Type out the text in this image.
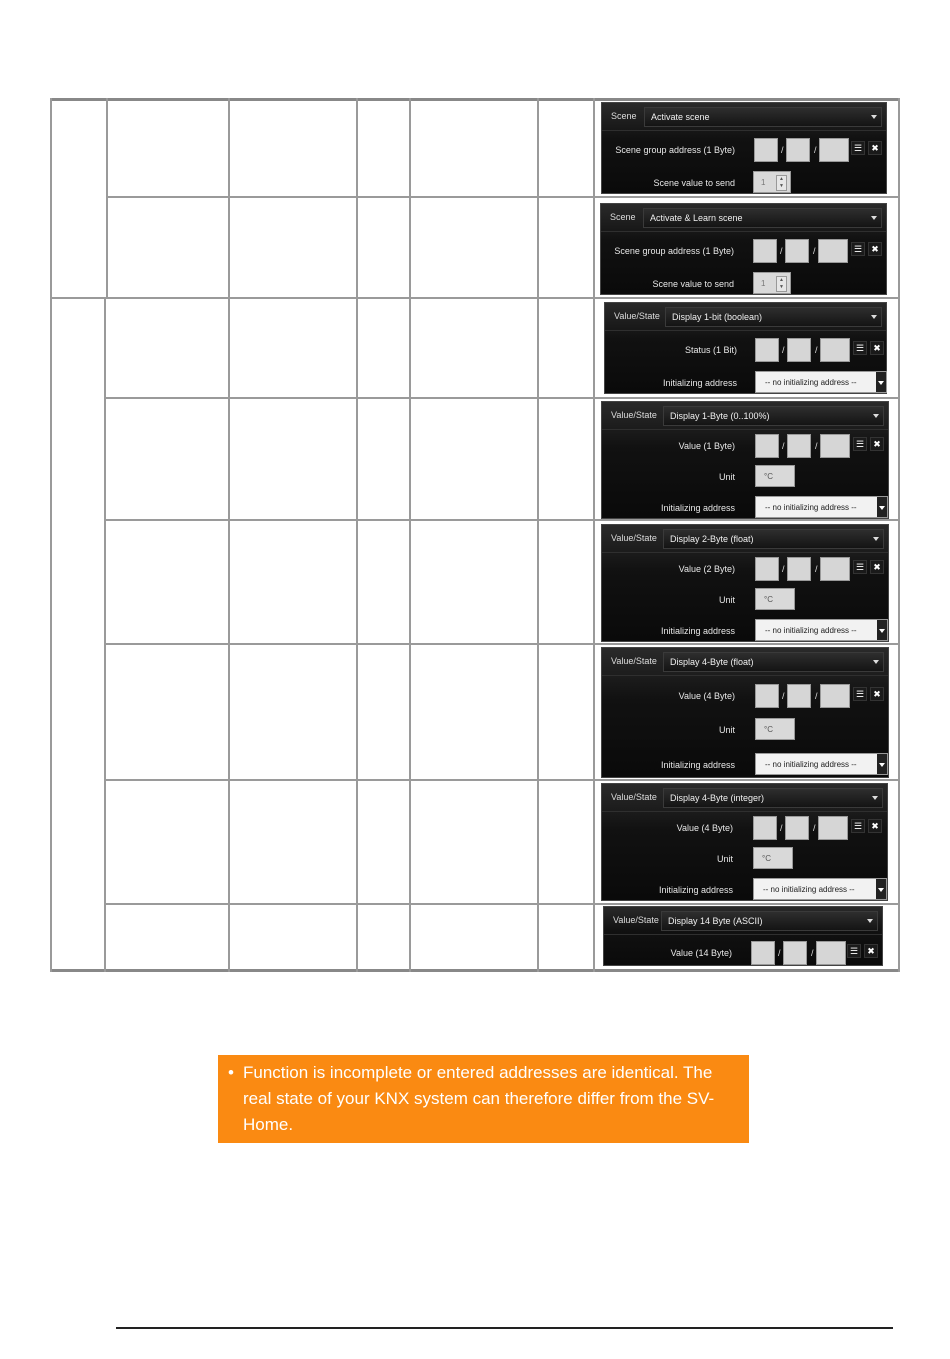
Scene Activate scene
Scene group address (1 Byte)	/	/	☰	✖
Scene value to send	1	▲
▼
Scene Activate & Learn scene
Scene group address (1 Byte)	/	/	☰	✖
Scene value to send	1	▲
▼
Value/State Display 1-bit (boolean)
Status (1 Bit)	/	/	☰	✖
Initializing address	-- no initializing address --
Value/State Display 1-Byte (0..100%)
Value (1 Byte)	/	/	☰	✖
Unit	°C
Initializing address	-- no initializing address --
Value/State Display 2-Byte (float)
Value (2 Byte)	/	/	☰	✖
Unit	°C
Initializing address	-- no initializing address --
Value/State Display 4-Byte (float)
Value (4 Byte)	/	/	☰	✖
Unit	°C
Initializing address	-- no initializing address --
Value/State Display 4-Byte (integer)
Value (4 Byte)	/	/	☰	✖
Unit	°C
Initializing address	-- no initializing address --
Value/State Display 14 Byte (ASCII)
Value (14 Byte)	/	/	☰	✖
• Function is incomplete or entered addresses are identical. The real state of your KNX system can therefore differ from the SV-Home.
